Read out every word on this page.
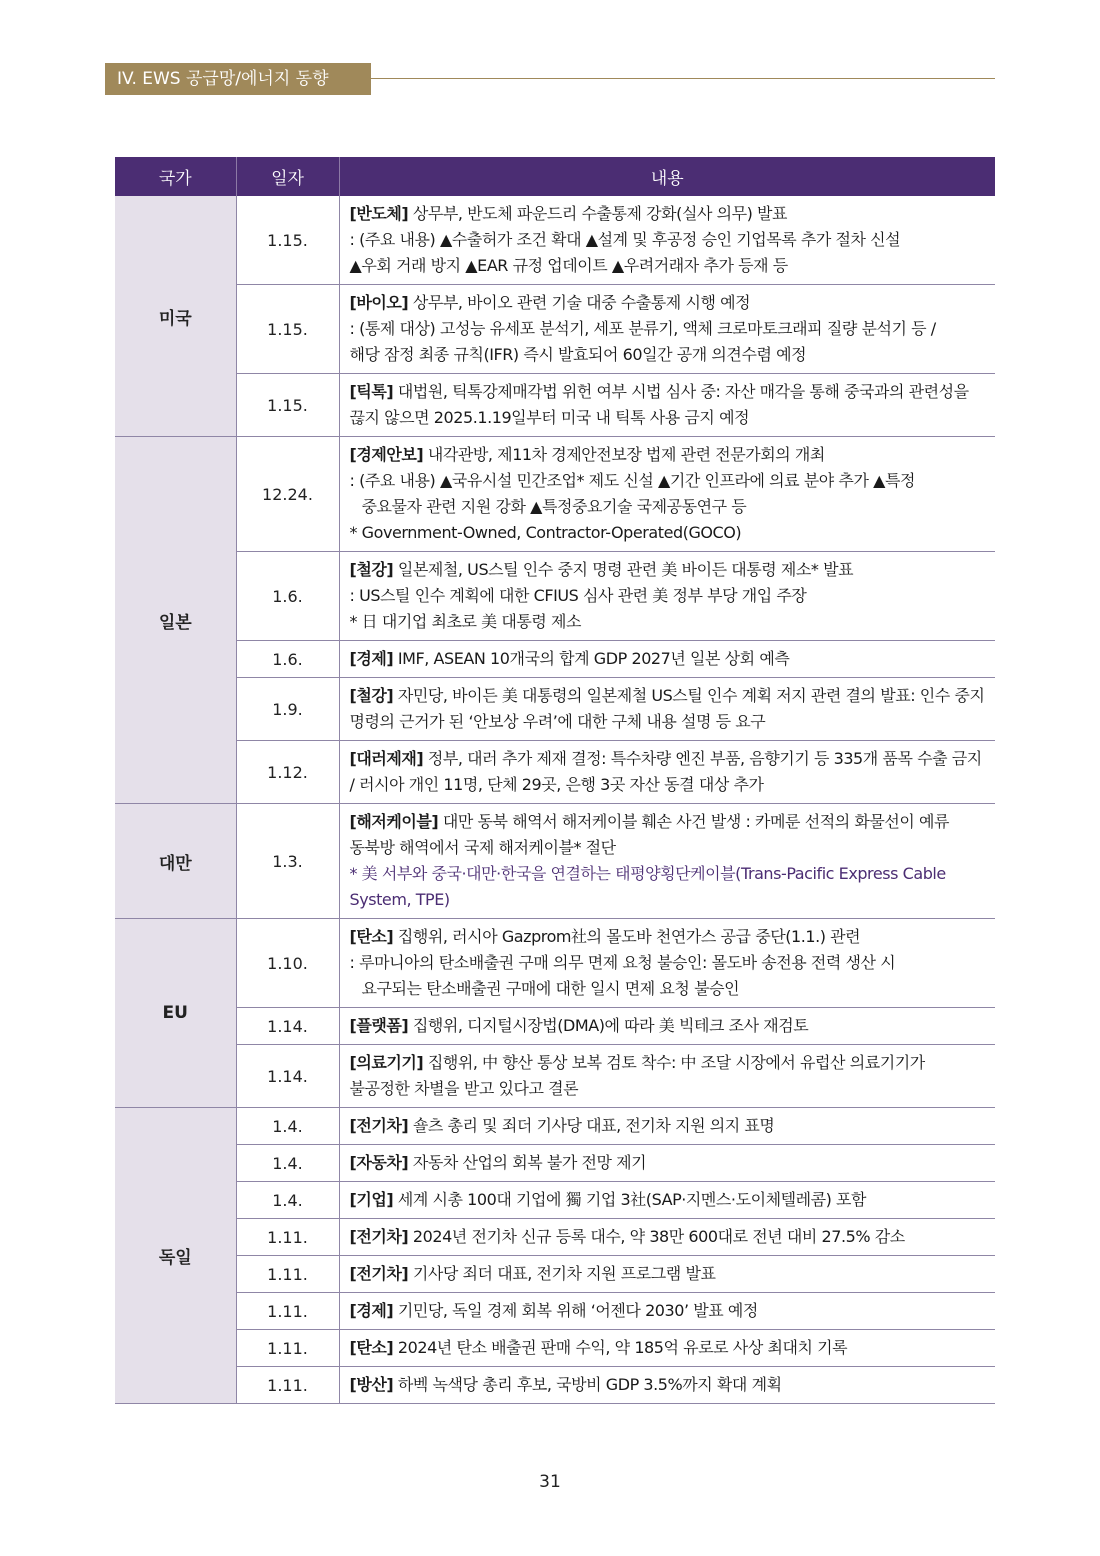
IV. EWS 공급망/에너지 동향
국가	일자	내용
미국	1.15.	[반도체] 상무부, 반도체 파운드리 수출통제 강화(실사 의무) 발표
: (주요 내용) ▲수출허가 조건 확대 ▲설계 및 후공정 승인 기업목록 추가 절차 신설
▲우회 거래 방지 ▲EAR 규정 업데이트 ▲우려거래자 추가 등재 등

	1.15.	[바이오] 상무부, 바이오 관련 기술 대중 수출통제 시행 예정
: (통제 대상) 고성능 유세포 분석기, 세포 분류기, 액체 크로마토크래피 질량 분석기 등 /
해당 잠정 최종 규칙(IFR) 즉시 발효되어 60일간 공개 의견수렴 예정

	1.15.	[틱톡] 대법원, 틱톡강제매각법 위헌 여부 시법 심사 중: 자산 매각을 통해 중국과의 관련성을 끊지 않으면 2025.1.19일부터 미국 내 틱톡 사용 금지 예정

일본	12.24.	[경제안보] 내각관방, 제11차 경제안전보장 법제 관련 전문가회의 개최
: (주요 내용) ▲국유시설 민간조업* 제도 신설 ▲기간 인프라에 의료 분야 추가 ▲특정
중요물자 관련 지원 강화 ▲특정중요기술 국제공동연구 등
* Government-Owned, Contractor-Operated(GOCO)

	1.6.	[철강] 일본제철, US스틸 인수 중지 명령 관련 美 바이든 대통령 제소* 발표
: US스틸 인수 계획에 대한 CFIUS 심사 관련 美 정부 부당 개입 주장
* 日 대기업 최초로 美 대통령 제소

	1.6.	[경제] IMF, ASEAN 10개국의 합계 GDP 2027년 일본 상회 예측

	1.9.	[철강] 자민당, 바이든 美 대통령의 일본제철 US스틸 인수 계획 저지 관련 결의 발표: 인수 중지 명령의 근거가 된 ‘안보상 우려’에 대한 구체 내용 설명 등 요구

	1.12.	[대러제재] 정부, 대러 추가 제재 결정: 특수차량 엔진 부품, 음향기기 등 335개 품목 수출 금지 / 러시아 개인 11명, 단체 29곳, 은행 3곳 자산 동결 대상 추가

대만	1.3.	[해저케이블] 대만 동북 해역서 해저케이블 훼손 사건 발생 : 카메룬 선적의 화물선이 예류 동북방 해역에서 국제 해저케이블* 절단
* 美 서부와 중국·대만·한국을 연결하는 태평양횡단케이블(Trans-Pacific Express Cable System, TPE)

EU	1.10.	[탄소] 집행위, 러시아 Gazprom社의 몰도바 천연가스 공급 중단(1.1.) 관련
: 루마니아의 탄소배출권 구매 의무 면제 요청 불승인: 몰도바 송전용 전력 생산 시
요구되는 탄소배출권 구매에 대한 일시 면제 요청 불승인

	1.14.	[플랫폼] 집행위, 디지털시장법(DMA)에 따라 美 빅테크 조사 재검토

	1.14.	[의료기기] 집행위, 中 향산 통상 보복 검토 착수: 中 조달 시장에서 유럽산 의료기기가 불공정한 차별을 받고 있다고 결론

독일	1.4.	[전기차] 숄츠 총리 및 죄더 기사당 대표, 전기차 지원 의지 표명

	1.4.	[자동차] 자동차 산업의 회복 불가 전망 제기

	1.4.	[기업] 세계 시총 100대 기업에 獨 기업 3社(SAP·지멘스·도이체텔레콤) 포함

	1.11.	[전기차] 2024년 전기차 신규 등록 대수, 약 38만 600대로 전년 대비 27.5% 감소

	1.11.	[전기차] 기사당 죄더 대표, 전기차 지원 프로그램 발표

	1.11.	[경제] 기민당, 독일 경제 회복 위해 ‘어젠다 2030’ 발표 예정

	1.11.	[탄소] 2024년 탄소 배출권 판매 수익, 약 185억 유로로 사상 최대치 기록

	1.11.	[방산] 하벡 녹색당 총리 후보, 국방비 GDP 3.5%까지 확대 계획
31
